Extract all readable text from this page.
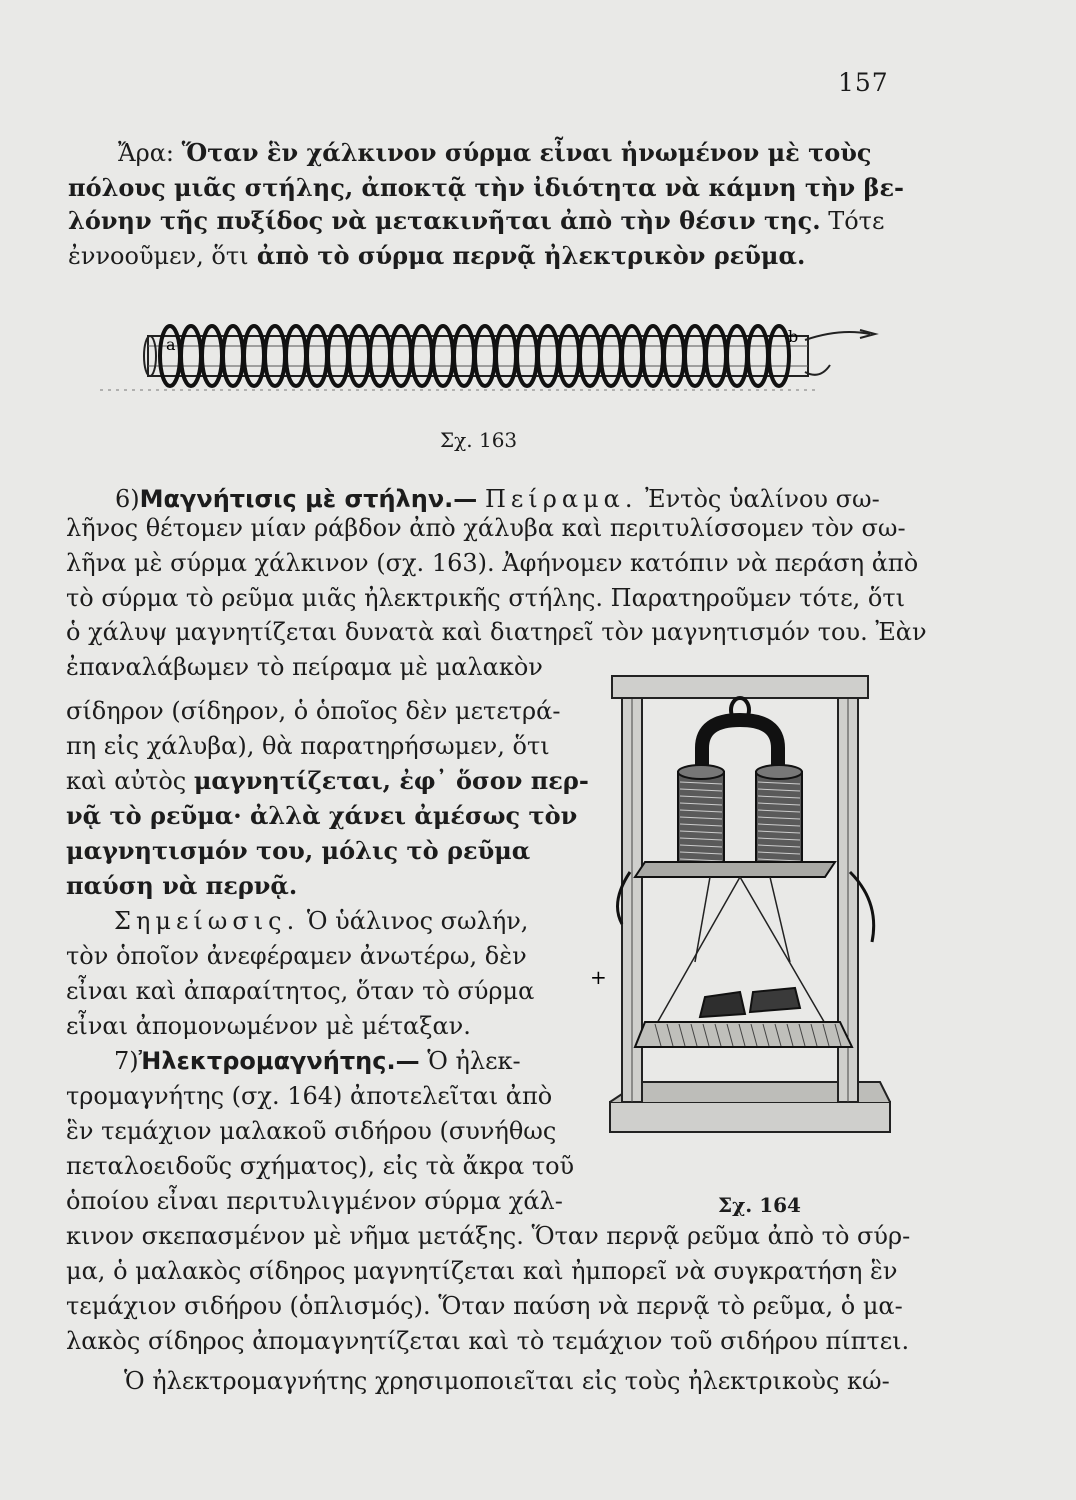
157
Ἄρα: Ὅταν ἓν χάλκινον σύρμα εἶναι ἡνωμένον μὲ τοὺς
πόλους μιᾶς στήλης, ἀποκτᾷ τὴν ἰδιότητα νὰ κάμνη τὴν βε-
λόνην τῆς πυξίδος νὰ μετακινῆται ἀπὸ τὴν θέσιν της. Τότε
ἐννοοῦμεν, ὅτι ἀπὸ τὸ σύρμα περνᾷ ἠλεκτρικὸν ρεῦμα.
a	b
Σχ. 163
6)Μαγνήτισις μὲ στήλην.— Πείραμα. Ἐντὸς ὑαλίνου σω-
λῆνος θέτομεν μίαν ράβδον ἀπὸ χάλυβα καὶ περιτυλίσσομεν τὸν σω-
λῆνα μὲ σύρμα χάλκινον (σχ. 163). Ἀφήνομεν κατόπιν νὰ περάση ἀπὸ
τὸ σύρμα τὸ ρεῦμα μιᾶς ἠλεκτρικῆς στήλης. Παρατηροῦμεν τότε, ὅτι
ὁ χάλυψ μαγνητίζεται δυνατὰ καὶ διατηρεῖ τὸν μαγνητισμόν του. Ἐὰν
ἐπαναλάβωμεν τὸ πείραμα μὲ μαλακὸν
σίδηρον (σίδηρον, ὁ ὁποῖος δὲν μετετρά-
πη εἰς χάλυβα), θὰ παρατηρήσωμεν, ὅτι
καὶ αὐτὸς μαγνητίζεται, ἐφ᾽ ὅσον περ-
νᾷ τὸ ρεῦμα· ἀλλὰ χάνει ἀμέσως τὸν
μαγνητισμόν του, μόλις τὸ ρεῦμα
παύση νὰ περνᾷ.
Σημείωσις. Ὁ ὑάλινος σωλήν,
τὸν ὁποῖον ἀνεφέραμεν ἀνωτέρω, δὲν
εἶναι καὶ ἀπαραίτητος, ὅταν τὸ σύρμα
εἶναι ἀπομονωμένον μὲ μέταξαν.
7)Ἠλεκτρομαγνήτης.— Ὁ ἠλεκ-
τρομαγνήτης (σχ. 164) ἀποτελεῖται ἀπὸ
ἓν τεμάχιον μαλακοῦ σιδήρου (συνήθως
πεταλοειδοῦς σχήματος), εἰς τὰ ἄκρα τοῦ
ὁποίου εἶναι περιτυλιγμένον σύρμα χάλ-
κινον σκεπασμένον μὲ νῆμα μετάξης. Ὅταν περνᾷ ρεῦμα ἀπὸ τὸ σύρ-
μα, ὁ μαλακὸς σίδηρος μαγνητίζεται καὶ ἠμπορεῖ νὰ συγκρατήση ἓν
τεμάχιον σιδήρου (ὁπλισμός). Ὅταν παύση νὰ περνᾷ τὸ ρεῦμα, ὁ μα-
λακὸς σίδηρος ἀπομαγνητίζεται καὶ τὸ τεμάχιον τοῦ σιδήρου πίπτει.
Ὁ ἠλεκτρομαγνήτης χρησιμοποιεῖται εἰς τοὺς ἠλεκτρικοὺς κώ-
+
Σχ. 164
